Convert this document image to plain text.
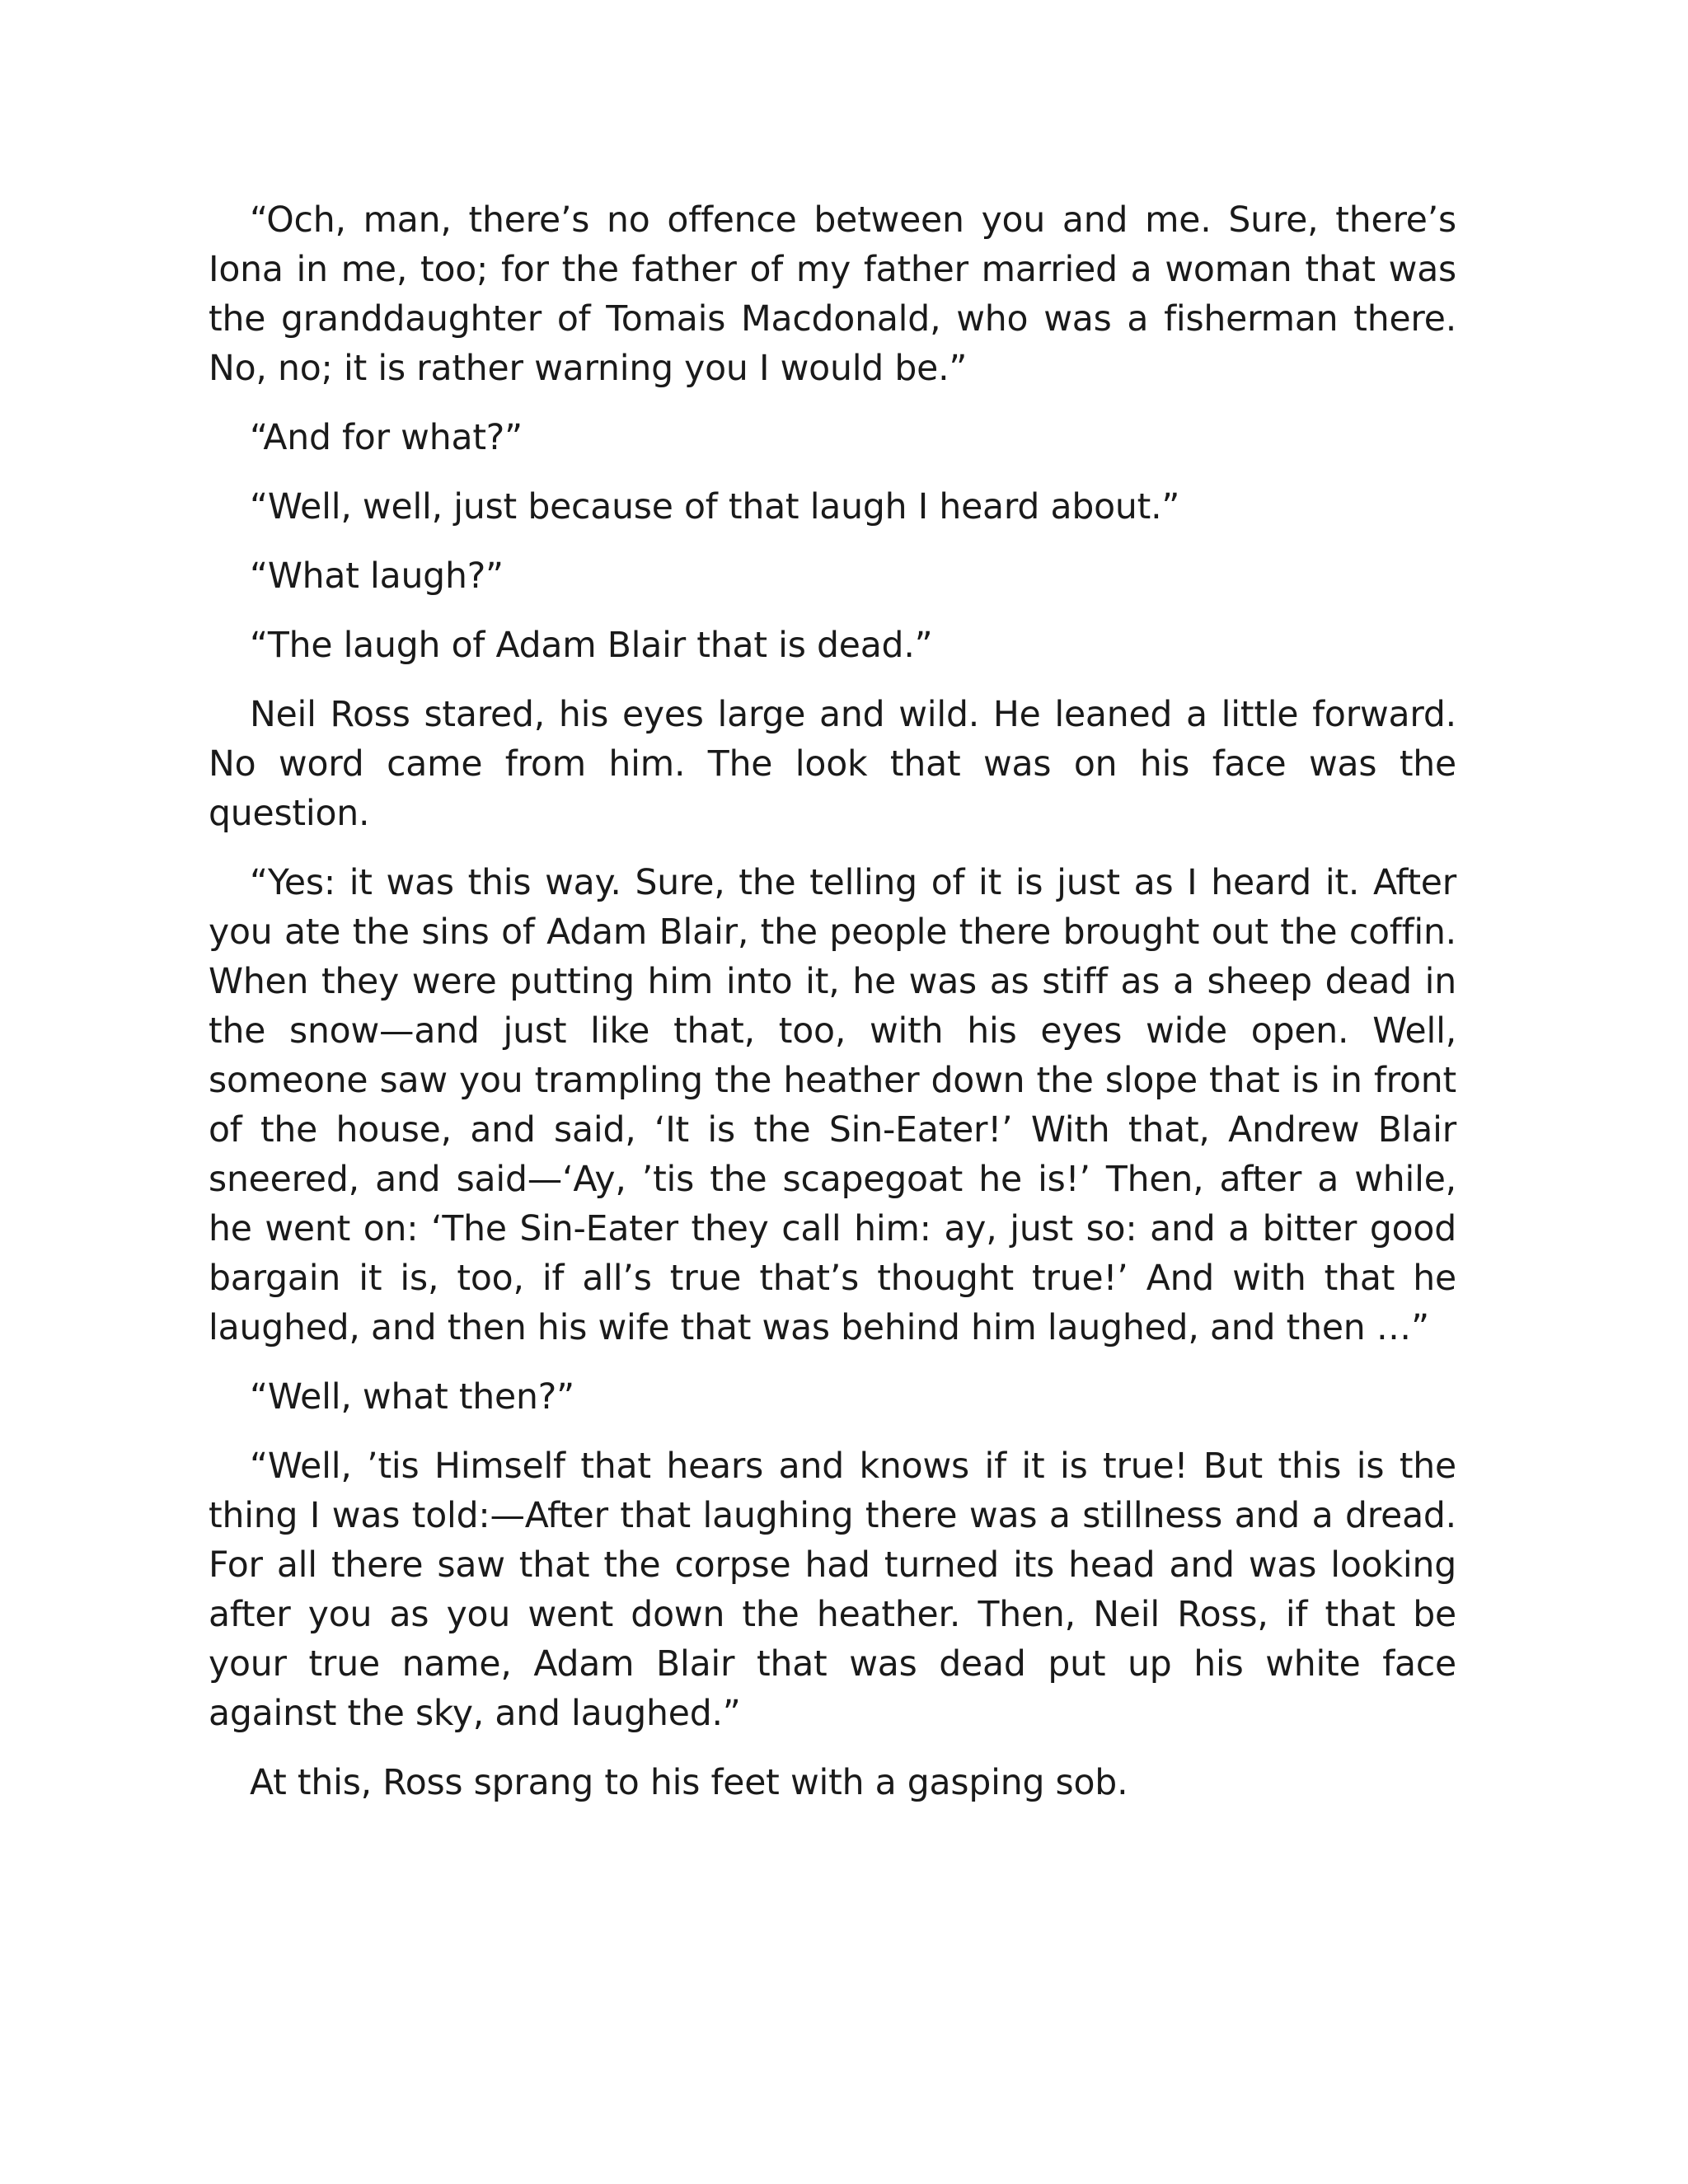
“Och, man, there’s no offence between you and me. Sure, there’s Iona in me, too; for the father of my father married a woman that was the granddaughter of Tomais Macdonald, who was a fisherman there. No, no; it is rather warning you I would be.”

“And for what?”

“Well, well, just because of that laugh I heard about.”

“What laugh?”

“The laugh of Adam Blair that is dead.”

Neil Ross stared, his eyes large and wild. He leaned a little forward. No word came from him. The look that was on his face was the question.

“Yes: it was this way. Sure, the telling of it is just as I heard it. After you ate the sins of Adam Blair, the people there brought out the coffin. When they were putting him into it, he was as stiff as a sheep dead in the snow—and just like that, too, with his eyes wide open. Well, someone saw you trampling the heather down the slope that is in front of the house, and said, ‘It is the Sin-Eater!’ With that, Andrew Blair sneered, and said—‘Ay, ’tis the scapegoat he is!’ Then, after a while, he went on: ‘The Sin-Eater they call him: ay, just so: and a bitter good bargain it is, too, if all’s true that’s thought true!’ And with that he laughed, and then his wife that was behind him laughed, and then …”

“Well, what then?”

“Well, ’tis Himself that hears and knows if it is true! But this is the thing I was told:—After that laughing there was a stillness and a dread. For all there saw that the corpse had turned its head and was looking after you as you went down the heather. Then, Neil Ross, if that be your true name, Adam Blair that was dead put up his white face against the sky, and laughed.”

At this, Ross sprang to his feet with a gasping sob.
